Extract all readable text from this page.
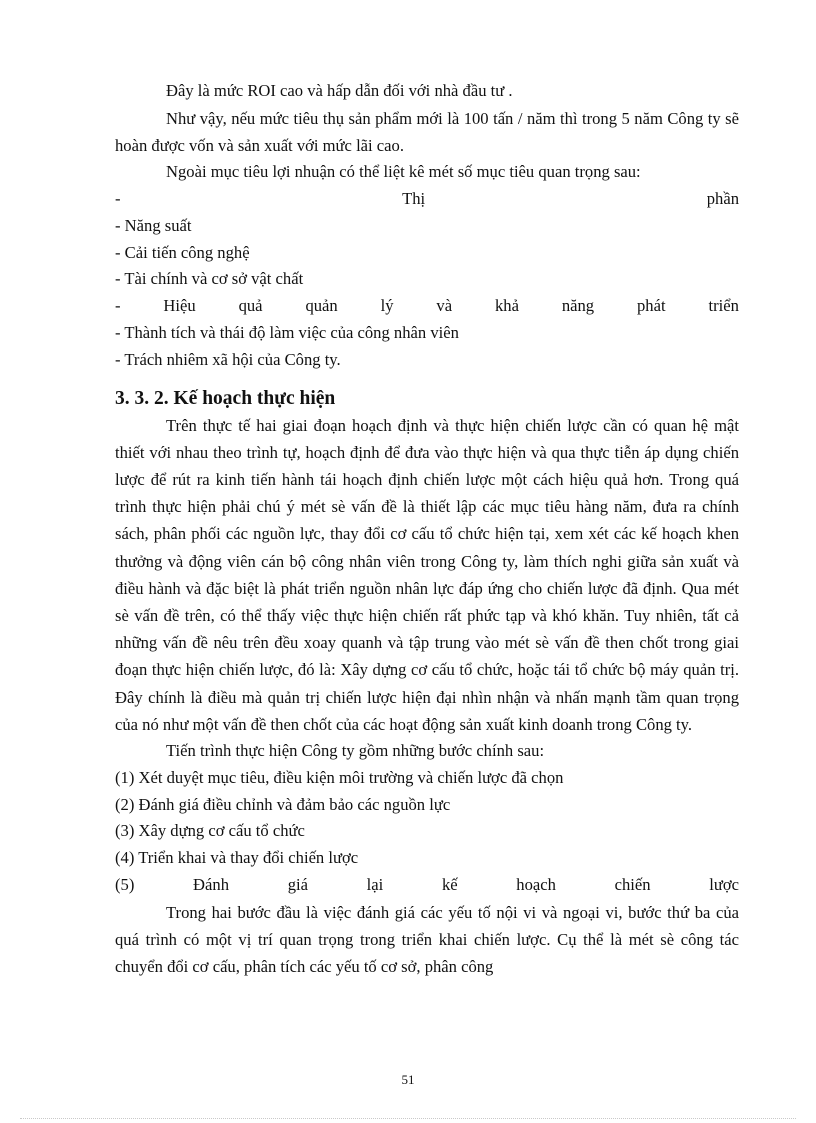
Đây là mức ROI cao và hấp dẫn đối với nhà đầu tư .

Như vậy, nếu mức tiêu thụ sản phẩm mới là 100 tấn / năm thì trong 5 năm Công ty sẽ hoàn được vốn và sản xuất với mức lãi cao.

Ngoài mục tiêu lợi nhuận có thể liệt kê mét số mục tiêu quan trọng sau:

-	Thị	phần

- Năng suất

- Cải tiến công nghệ

- Tài chính và cơ sở vật chất

-	Hiệu	quả	quản	lý	và	khả	năng	phát	triển

- Thành tích và thái độ làm việc của công nhân viên

- Trách nhiêm xã hội của Công ty.

3. 3. 2. Kế hoạch thực hiện

Trên thực tế hai giai đoạn hoạch định và thực hiện chiến lược cần có quan hệ mật thiết với nhau theo trình tự, hoạch định để đưa vào thực hiện và qua thực tiễn áp dụng chiến lược để rút ra kinh tiến hành tái hoạch định chiến lược một cách hiệu quả hơn. Trong quá trình thực hiện phải chú ý mét sè vấn đề là thiết lập các mục tiêu hàng năm, đưa ra chính sách, phân phối các nguồn lực, thay đổi cơ cấu tổ chức hiện tại, xem xét các kế hoạch khen thưởng và động viên cán bộ công nhân viên trong Công ty, làm thích nghi giữa sản xuất và điều hành và đặc biệt là phát triển nguồn nhân lực đáp ứng cho chiến lược đã định. Qua mét sè vấn đề trên, có thể thấy việc thực hiện chiến rất phức tạp và khó khăn. Tuy nhiên, tất cả những vấn đề nêu trên đều xoay quanh và tập trung vào mét sè vấn đề then chốt trong giai đoạn thực hiện chiến lược, đó là: Xây dựng cơ cấu tổ chức, hoặc tái tổ chức bộ máy quản trị. Đây chính là điều mà quản trị chiến lược hiện đại nhìn nhận và nhấn mạnh tầm quan trọng của nó như một vấn đề then chốt của các hoạt động sản xuất kinh doanh trong Công ty.

Tiến trình thực hiện Công ty gồm những bước chính sau:

(1) Xét duyệt mục tiêu, điều kiện môi trường và chiến lược đã chọn

(2) Đánh giá điều chỉnh và đảm bảo các nguồn lực

(3) Xây dựng cơ cấu tổ chức

(4) Triển khai và thay đổi chiến lược

(5)	Đánh	giá	lại	kế	hoạch	chiến	lược

Trong hai bước đầu là việc đánh giá các yếu tố nội vi và ngoại vi, bước thứ ba của quá trình có một vị trí quan trọng trong triển khai chiến lược. Cụ thể là mét sè công tác chuyển đổi cơ cấu, phân tích các yếu tố cơ sở, phân công

51
